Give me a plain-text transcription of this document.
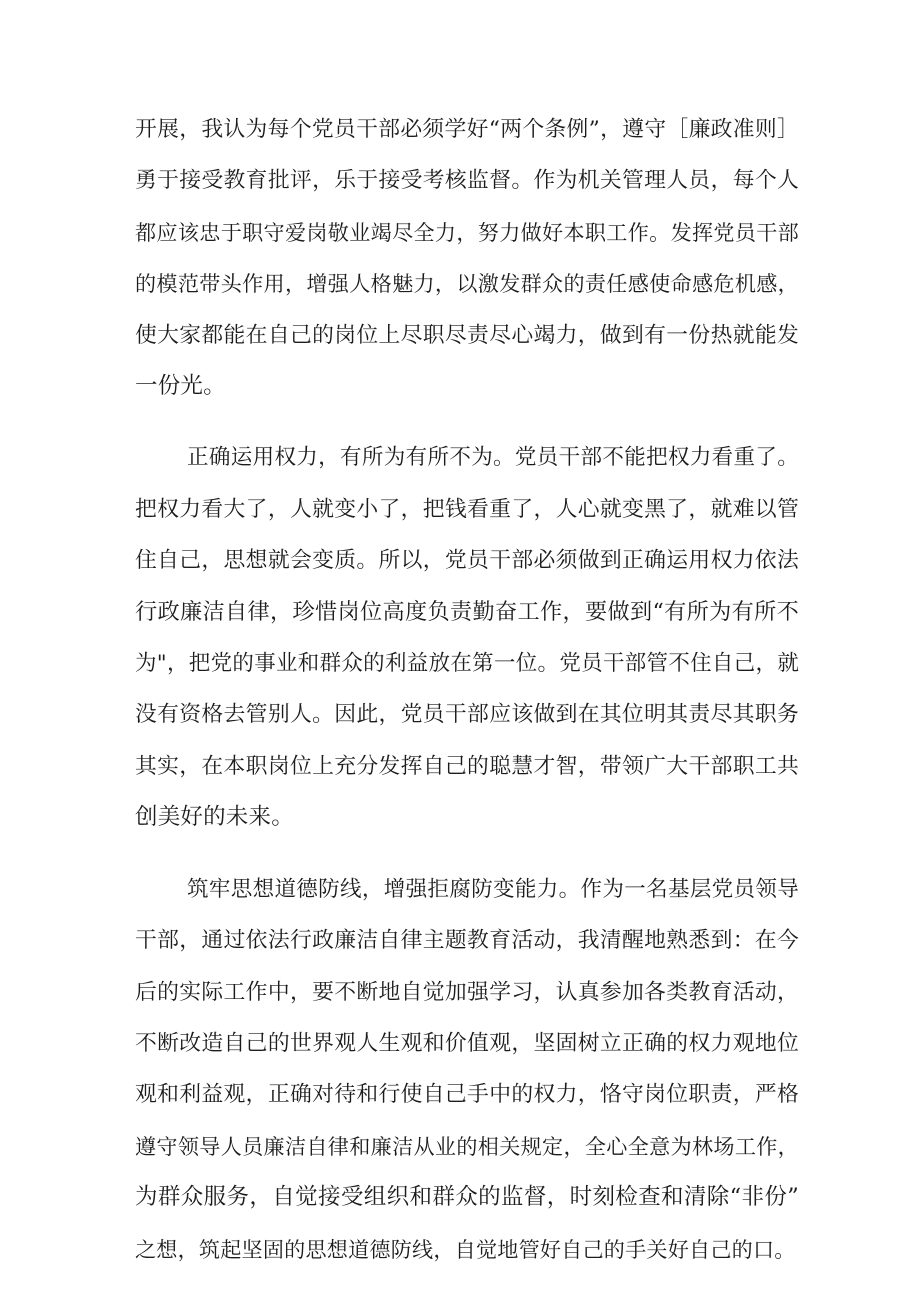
开展，我认为每个党员干部必须学好“两个条例”，遵守［廉政准则］
勇于接受教育批评，乐于接受考核监督。作为机关管理人员，每个人
都应该忠于职守爱岗敬业竭尽全力，努力做好本职工作。发挥党员干部
的模范带头作用，增强人格魅力，以激发群众的责任感使命感危机感，
使大家都能在自己的岗位上尽职尽责尽心竭力，做到有一份热就能发
一份光。
正确运用权力，有所为有所不为。党员干部不能把权力看重了。
把权力看大了，人就变小了，把钱看重了，人心就变黑了，就难以管
住自己，思想就会变质。所以，党员干部必须做到正确运用权力依法
行政廉洁自律，珍惜岗位高度负责勤奋工作，要做到“有所为有所不
为"，把党的事业和群众的利益放在第一位。党员干部管不住自己，就
没有资格去管别人。因此，党员干部应该做到在其位明其责尽其职务
其实，在本职岗位上充分发挥自己的聪慧才智，带领广大干部职工共
创美好的未来。
筑牢思想道德防线，增强拒腐防变能力。作为一名基层党员领导
干部，通过依法行政廉洁自律主题教育活动，我清醒地熟悉到：在今
后的实际工作中，要不断地自觉加强学习，认真参加各类教育活动，
不断改造自己的世界观人生观和价值观，坚固树立正确的权力观地位
观和利益观，正确对待和行使自己手中的权力，恪守岗位职责，严格
遵守领导人员廉洁自律和廉洁从业的相关规定，全心全意为林场工作，
为群众服务，自觉接受组织和群众的监督，时刻检查和清除“非份”
之想，筑起坚固的思想道德防线，自觉地管好自己的手关好自己的口。
